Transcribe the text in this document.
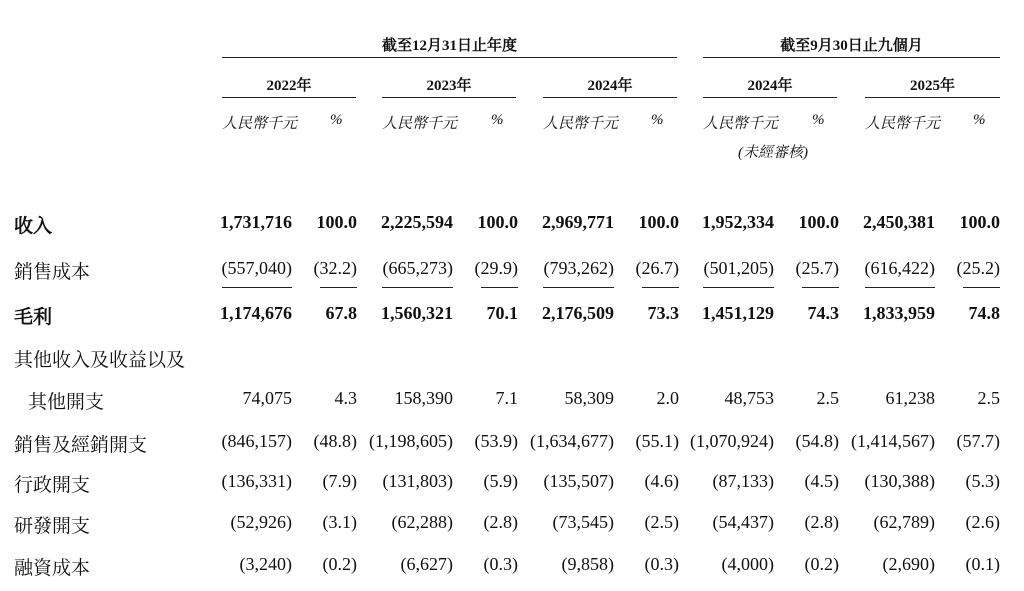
截至12月31日止年度	截至9月30日止九個月
2022年	2023年	2024年	2024年	2025年
人民幣千元 %	人民幣千元 %	人民幣千元 %	人民幣千元 %	人民幣千元 %
(未經審核)
收入	1,731,716 100.0 2,225,594 100.0 2,969,771 100.0 1,952,334 100.0 2,450,381 100.0
銷售成本	(557,040) (32.2) (665,273) (29.9) (793,262) (26.7) (501,205) (25.7) (616,422) (25.2)
毛利	1,174,676 67.8 1,560,321 70.1 2,176,509 73.3 1,451,129 74.3 1,833,959 74.8
其他收入及收益以及
其他開支	74,075 4.3 158,390 7.1	58,309 2.0	48,753 2.5	61,238 2.5
銷售及經銷開支	(846,157) (48.8) (1,198,605) (53.9) (1,634,677) (55.1) (1,070,924) (54.8) (1,414,567) (57.7)
行政開支	(136,331) (7.9) (131,803) (5.9) (135,507) (4.6) (87,133) (4.5) (130,388) (5.3)
研發開支	(52,926) (3.1) (62,288) (2.8) (73,545) (2.5) (54,437) (2.8) (62,789) (2.6)
融資成本	(3,240) (0.2) (6,627) (0.3) (9,858) (0.3) (4,000) (0.2) (2,690) (0.1)
